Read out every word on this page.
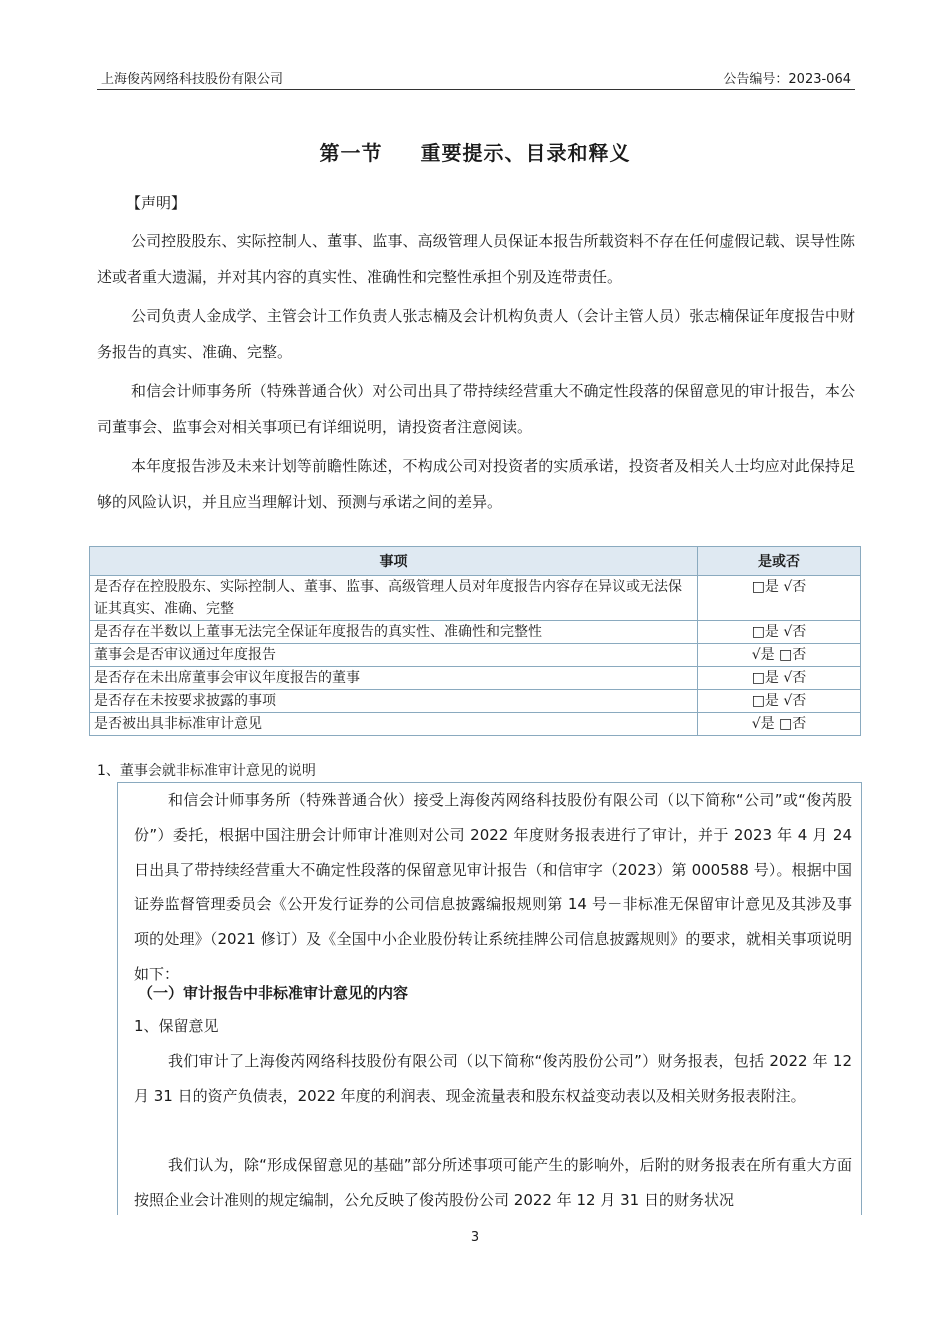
上海俊芮网络科技股份有限公司	公告编号：2023-064
第一节 重要提示、目录和释义
【声明】
公司控股股东、实际控制人、董事、监事、高级管理人员保证本报告所载资料不存在任何虚假记载、误导性陈述或者重大遗漏，并对其内容的真实性、准确性和完整性承担个别及连带责任。
公司负责人金成学、主管会计工作负责人张志楠及会计机构负责人（会计主管人员）张志楠保证年度报告中财务报告的真实、准确、完整。
和信会计师事务所（特殊普通合伙）对公司出具了带持续经营重大不确定性段落的保留意见的审计报告，本公司董事会、监事会对相关事项已有详细说明，请投资者注意阅读。
本年度报告涉及未来计划等前瞻性陈述，不构成公司对投资者的实质承诺，投资者及相关人士均应对此保持足够的风险认识，并且应当理解计划、预测与承诺之间的差异。
事项	是或否
是否存在控股股东、实际控制人、董事、监事、高级管理人员对年度报告内容存在异议或无法保证其真实、准确、完整	□是 √否
是否存在半数以上董事无法完全保证年度报告的真实性、准确性和完整性	□是 √否
董事会是否审议通过年度报告	√是 □否
是否存在未出席董事会审议年度报告的董事	□是 √否
是否存在未按要求披露的事项	□是 √否
是否被出具非标准审计意见	√是 □否
1、董事会就非标准审计意见的说明
和信会计师事务所（特殊普通合伙）接受上海俊芮网络科技股份有限公司（以下简称“公司”或“俊芮股份”）委托，根据中国注册会计师审计准则对公司 2022 年度财务报表进行了审计，并于 2023 年 4 月 24 日出具了带持续经营重大不确定性段落的保留意见审计报告（和信审字（2023）第 000588 号）。根据中国证券监督管理委员会《公开发行证券的公司信息披露编报规则第 14 号－非标准无保留审计意见及其涉及事项的处理》（2021 修订）及《全国中小企业股份转让系统挂牌公司信息披露规则》的要求，就相关事项说明如下：
（一）审计报告中非标准审计意见的内容
1、保留意见
我们审计了上海俊芮网络科技股份有限公司（以下简称“俊芮股份公司”）财务报表，包括 2022 年 12 月 31 日的资产负债表，2022 年度的利润表、现金流量表和股东权益变动表以及相关财务报表附注。
我们认为，除“形成保留意见的基础”部分所述事项可能产生的影响外，后附的财务报表在所有重大方面按照企业会计准则的规定编制，公允反映了俊芮股份公司 2022 年 12 月 31 日的财务状况
3
